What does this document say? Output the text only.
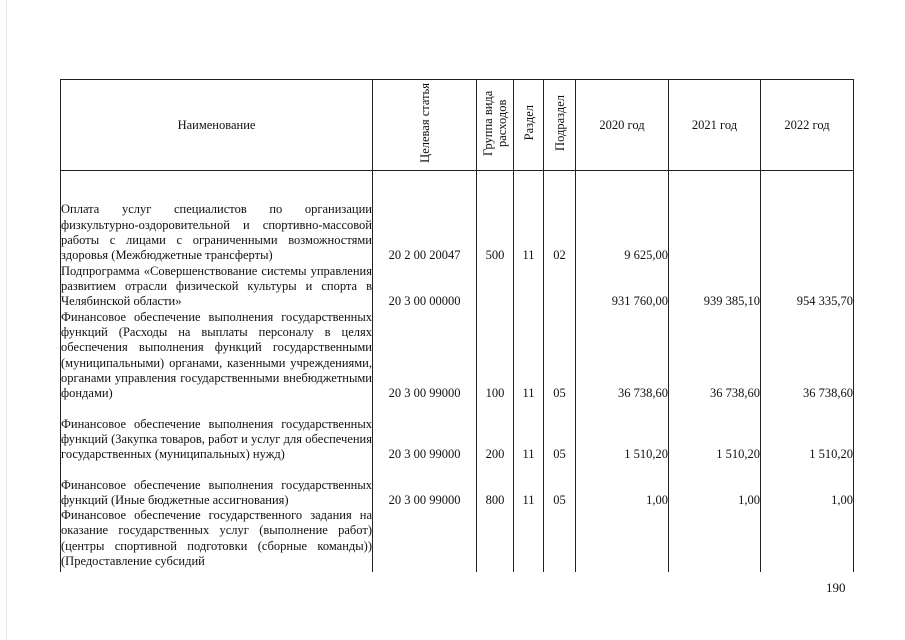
Наименование	Целевая статья	Группа вида расходов	Раздел	Подраздел	2020 год	2021 год	2022 год

Оплата услуг специалистов по организации физкультурно-оздоровительной и спортивно-массовой работы с лицами с ограниченными возможностями здоровья (Межбюджетные трансферты)	20 2 00 20047	500	11	02	9 625,00		

Подпрограмма «Совершенствование системы управления развитием отрасли физической культуры и спорта в Челябинской области»	20 3 00 00000				931 760,00	939 385,10	954 335,70

Финансовое обеспечение выполнения государственных функций (Расходы на выплаты персоналу в целях обеспечения выполнения функций государственными (муниципальными) органами, казенными учреждениями, органами управления государственными внебюджетными фондами)	20 3 00 99000	100	11	05	36 738,60	36 738,60	36 738,60

Финансовое обеспечение выполнения государственных функций (Закупка товаров, работ и услуг для обеспечения государственных (муниципальных) нужд)	20 3 00 99000	200	11	05	1 510,20	1 510,20	1 510,20

Финансовое обеспечение выполнения государственных функций (Иные бюджетные ассигнования)	20 3 00 99000	800	11	05	1,00	1,00	1,00

Финансовое обеспечение государственного задания на оказание государственных услуг (выполнение работ) (центры спортивной подготовки (сборные команды)) (Предоставление субсидий							

190
